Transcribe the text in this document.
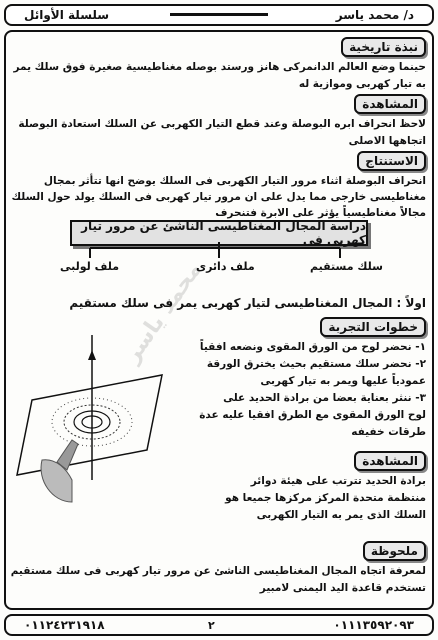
د/ محمد ياسر
سلسلة الأوائل
محمد ياسر
نبذة تاريخية

حينما وضع العالم الدانمركى هانز ورستد بوصله مغناطيسية صغيرة فوق سلك يمر

به تيار كهربى وموازية له

المشاهدة

لاحظ انحراف ابره البوصلة وعند قطع التيار الكهربى عن السلك استعادة البوصلة

اتجاهها الاصلى

الاستنتاج

انحراف البوصلة اثناء مرور التيار الكهربى فى السلك يوضح انها تتأثر بمجال

مغناطيسى خارجى مما يدل على ان مرور تيار كهربى فى السلك يولد حول السلك

مجالاً مغناطيسياً يؤثر على الابرة فتنحرف

دراسة المجال المغناطيسى الناشئ عن مرور تيار كهربى فى
سلك مستقيم
ملف دائرى
ملف لولبى
اولاً : المجال المغناطيسى لتيار كهربى يمر فى سلك مستقيم
خطوات التجربة

١- نحضر لوح من الورق المقوى ونضعه افقياً

٢- نحضر سلك مستقيم بحيث يخترق الورقة

عمودياً عليها ويمر به تيار كهربى

٣- ننثر بعناية بعضا من برادة الحديد على

لوح الورق المقوى مع الطرق افقيا عليه عدة

طرقات خفيفه

المشاهدة

برادة الحديد تترتب على هيئة دوائر

منتظمة متحدة المركز مركزها جميعا هو

السلك الذى يمر به التيار الكهربى

ملحوظة

لمعرفة اتجاه المجال المغناطيسى الناشئ عن مرور تيار كهربى فى سلك مستقيم

تستخدم قاعدة اليد اليمنى لامبير

٠١١٢٤٢٣١٩١٨	٠١١١٣٥٩٢٠٩٣
٢
